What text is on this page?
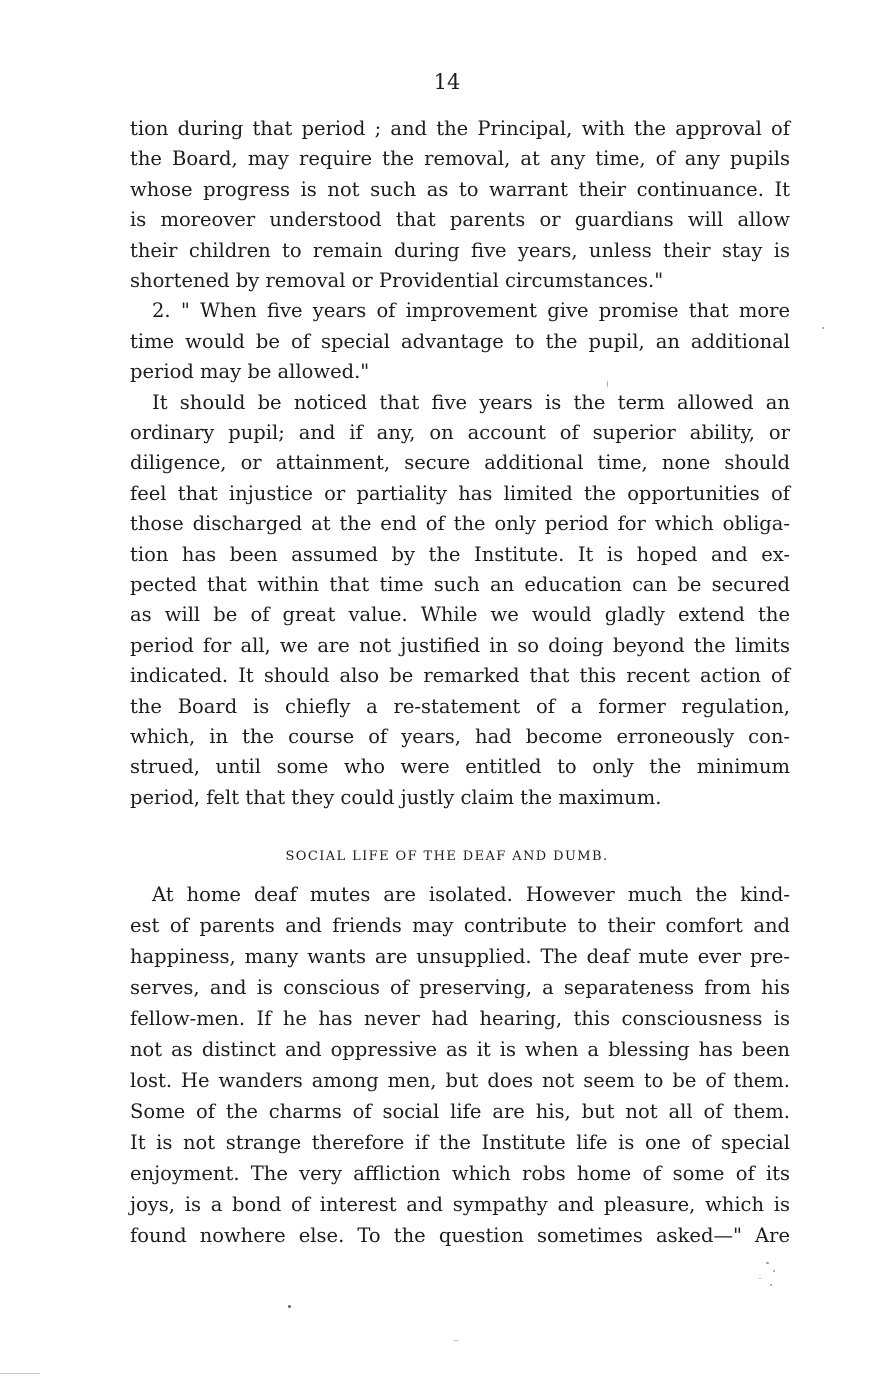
14
tion during that period ; and the Principal, with the approval of
the Board, may require the removal, at any time, of any pupils
whose progress is not such as to warrant their continuance. It
is moreover understood that parents or guardians will allow
their children to remain during five years, unless their stay is
shortened by removal or Providential circumstances."
2. " When five years of improvement give promise that more
time would be of special advantage to the pupil, an additional
period may be allowed."
It should be noticed that five years is the term allowed an
ordinary pupil; and if any, on account of superior ability, or
diligence, or attainment, secure additional time, none should
feel that injustice or partiality has limited the opportunities of
those discharged at the end of the only period for which obliga-
tion has been assumed by the Institute. It is hoped and ex-
pected that within that time such an education can be secured
as will be of great value. While we would gladly extend the
period for all, we are not justified in so doing beyond the limits
indicated. It should also be remarked that this recent action of
the Board is chiefly a re-statement of a former regulation,
which, in the course of years, had become erroneously con-
strued, until some who were entitled to only the minimum
period, felt that they could justly claim the maximum.
SOCIAL LIFE OF THE DEAF AND DUMB.
At home deaf mutes are isolated. However much the kind-
est of parents and friends may contribute to their comfort and
happiness, many wants are unsupplied. The deaf mute ever pre-
serves, and is conscious of preserving, a separateness from his
fellow-men. If he has never had hearing, this consciousness is
not as distinct and oppressive as it is when a blessing has been
lost. He wanders among men, but does not seem to be of them.
Some of the charms of social life are his, but not all of them.
It is not strange therefore if the Institute life is one of special
enjoyment. The very affliction which robs home of some of its
joys, is a bond of interest and sympathy and pleasure, which is
found nowhere else. To the question sometimes asked—" Are
